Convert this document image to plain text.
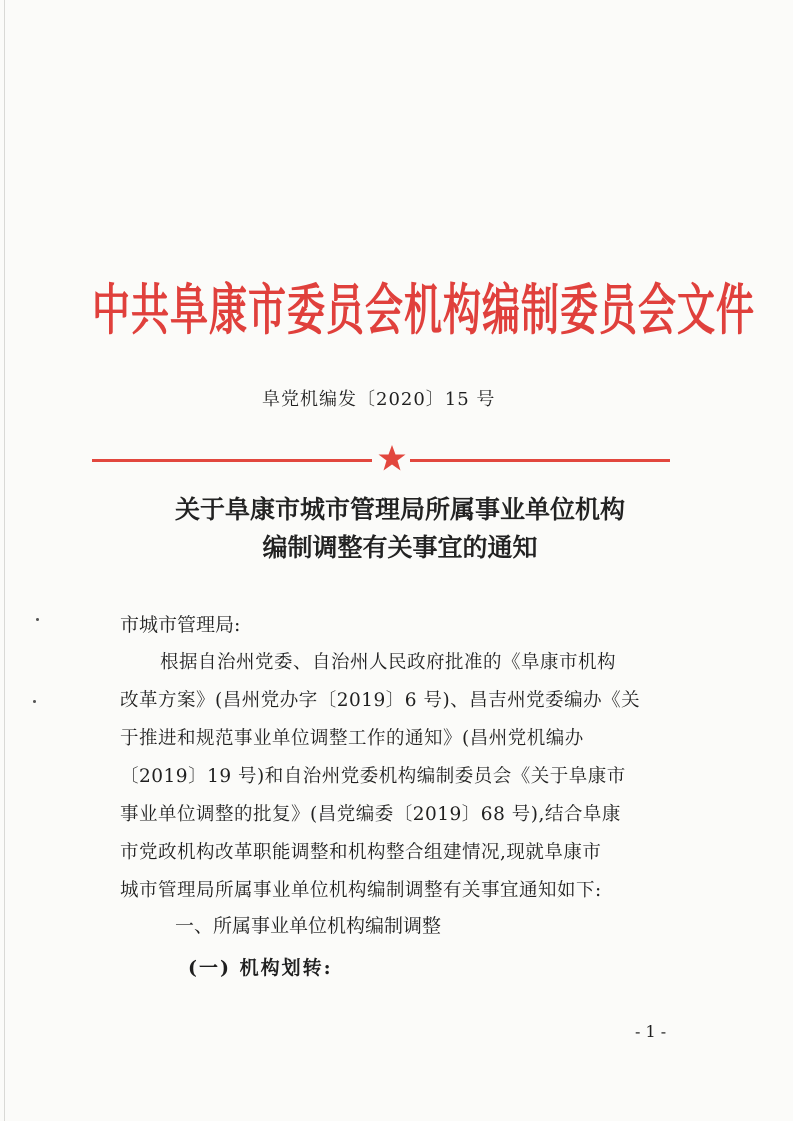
中共阜康市委员会机构编制委员会文件
阜党机编发〔2020〕15 号
关于阜康市城市管理局所属事业单位机构
编制调整有关事宜的通知
市城市管理局:
根据自治州党委、自治州人民政府批准的《阜康市机构
改革方案》(昌州党办字〔2019〕6 号)、昌吉州党委编办《关
于推进和规范事业单位调整工作的通知》(昌州党机编办
〔2019〕19 号)和自治州党委机构编制委员会《关于阜康市
事业单位调整的批复》(昌党编委〔2019〕68 号),结合阜康
市党政机构改革职能调整和机构整合组建情况,现就阜康市
城市管理局所属事业单位机构编制调整有关事宜通知如下:
一、所属事业单位机构编制调整
(一) 机构划转:
- 1 -
